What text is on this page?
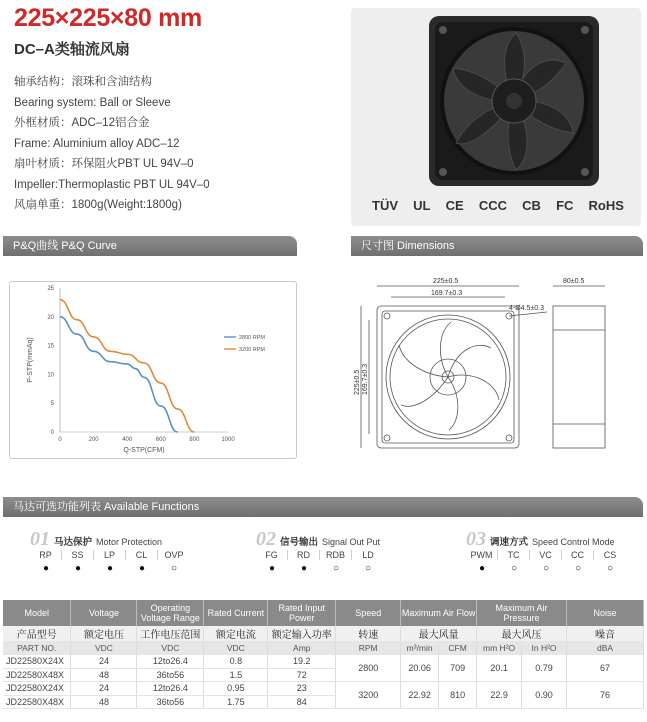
225×225×80 mm
DC–A类轴流风扇
轴承结构：滚珠和含油结构
Bearing system: Ball or Sleeve
外框材质：ADC–12铝合金
Frame: Aluminium alloy ADC–12
扇叶材质：环保阻火PBT UL 94V–0
Impeller:Thermoplastic PBT UL 94V–0
风扇单重：1800g(Weight:1800g)	TÜV UL CE CCC CB FC RoHS
P&Q曲线 P&Q Curve	尺寸图 Dimensions
0	200	400	600	800	1000
0
5
10
15
20
25
Q-STP(CFM)
P-STP(mmAq)	2800 RPM
3200 RPM
225±0.5
169.7±0.3
4-Ø4.5±0.3
80±0.5
225±0.5 169.7±0.3
马达可选功能列表 Available Functions
01 马达保护 Motor Protection
RP	SS	LP	CL	OVP
●	●	●	●	○
02 信号输出 Signal Out Put
FG	RD	RDB	LD
●	●	○	○
03 调速方式 Speed Control Mode
PWM	TC	VC	CC	CS
●	○	○	○	○
Model	Voltage	Operating Voltage Range	Rated Current	Rated Input Power	Speed	Maximum Air Flow		Maximum Air Pressure		Noise
产品型号	额定电压	工作电压范围	额定电流	额定输入功率	转速	最大风量		最大风压		噪音
PART NO.	VDC	VDC	VDC	Amp	RPM	m³/min	CFM	mm H²O	In H²O	dBA
JD22580X24X	24	12to26.4	0.8	19.2	2800	20.06	709	20.1	0.79	67
JD22580X48X	48	36to56	1.5	72						
JD22580X24X	24	12to26.4	0.95	23	3200	22.92	810	22.9	0.90	76
JD22580X48X	48	36to56	1.75	84						
